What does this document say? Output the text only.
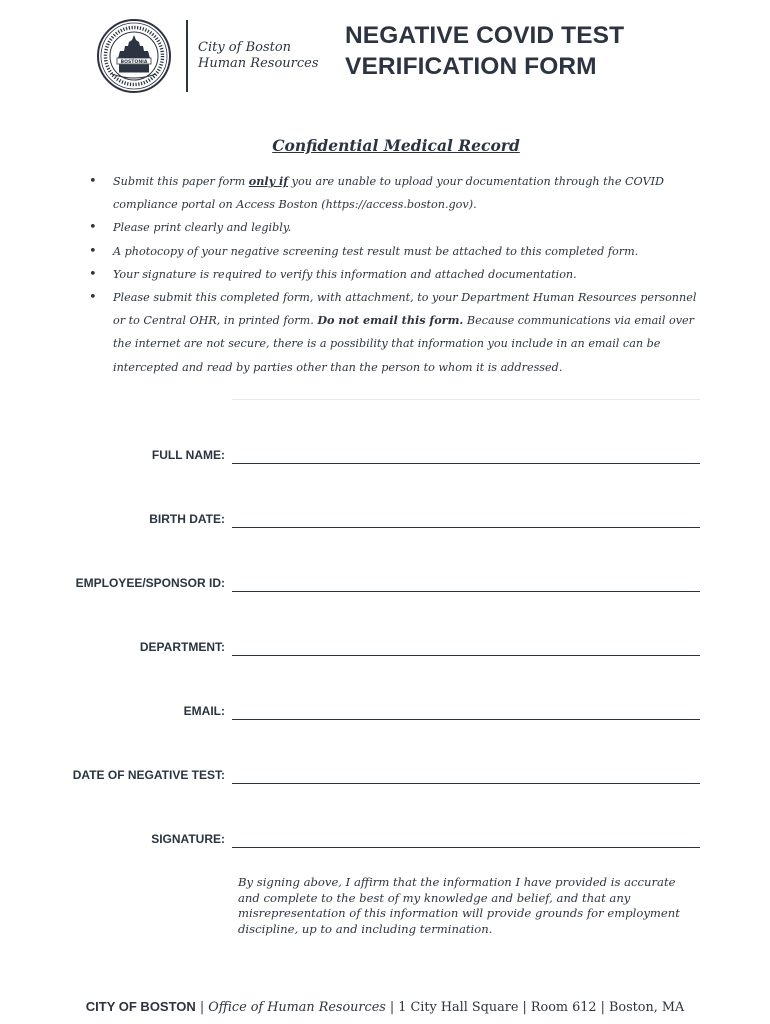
BOSTONIA
City of Boston
Human Resources
NEGATIVE COVID TEST
VERIFICATION FORM
Confidential Medical Record
• Submit this paper form only if you are unable to upload your documentation through the COVID compliance portal on Access Boston (https://access.boston.gov).
• Please print clearly and legibly.
• A photocopy of your negative screening test result must be attached to this completed form.
• Your signature is required to verify this information and attached documentation.
• Please submit this completed form, with attachment, to your Department Human Resources personnel or to Central OHR, in printed form. Do not email this form. Because communications via email over the internet are not secure, there is a possibility that information you include in an email can be intercepted and read by parties other than the person to whom it is addressed.
FULL NAME:
BIRTH DATE:
EMPLOYEE/SPONSOR ID:
DEPARTMENT:
EMAIL:
DATE OF NEGATIVE TEST:
SIGNATURE:
By signing above, I affirm that the information I have provided is accurate and complete to the best of my knowledge and belief, and that any misrepresentation of this information will provide grounds for employment discipline, up to and including termination.
CITY OF BOSTON | Office of Human Resources | 1 City Hall Square | Room 612 | Boston, MA
